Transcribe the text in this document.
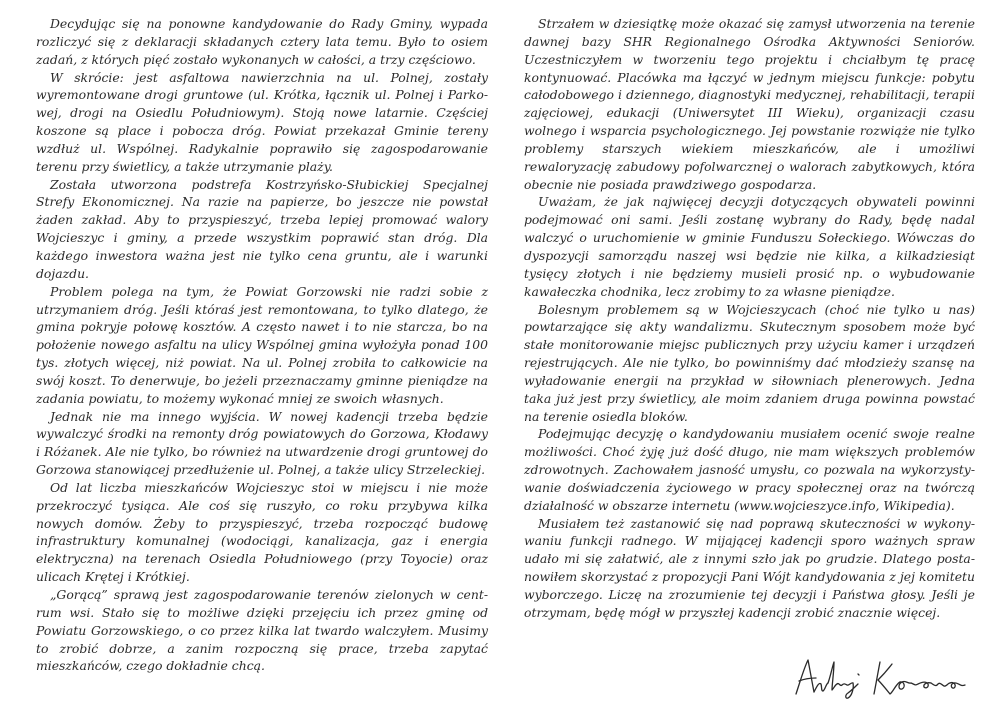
Decydując się na ponowne kandydowanie do Rady Gminy, wypada rozliczyć się z deklaracji składanych cztery lata temu. Było to osiem zadań, z których pięć zostało wykonanych w całości, a trzy częściowo.

W skrócie: jest asfaltowa nawierzchnia na ul. Polnej, zostały wyremontowane drogi gruntowe (ul. Krótka, łącznik ul. Polnej i Parkowej, drogi na Osiedlu Południowym). Stoją nowe latarnie. Częściej koszone są place i pobocza dróg. Powiat przekazał Gminie tereny wzdłuż ul. Wspólnej. Radykalnie poprawiło się zagospodarowanie terenu przy świetlicy, a także utrzymanie plaży.

Została utworzona podstrefa Kostrzyńsko-Słubickiej Specjalnej Strefy Ekonomicznej. Na razie na papierze, bo jeszcze nie powstał żaden zakład. Aby to przyspieszyć, trzeba lepiej promować walory Wojcieszyc i gminy, a przede wszystkim poprawić stan dróg. Dla każdego inwestora ważna jest nie tylko cena gruntu, ale i warunki dojazdu.

Problem polega na tym, że Powiat Gorzowski nie radzi sobie z utrzymaniem dróg. Jeśli któraś jest remontowana, to tylko dlatego, że gmina pokryje połowę kosztów. A często nawet i to nie starcza, bo na położenie nowego asfaltu na ulicy Wspólnej gmina wyłożyła ponad 100 tys. złotych więcej, niż powiat. Na ul. Polnej zrobiła to całkowicie na swój koszt. To denerwuje, bo jeżeli przeznaczamy gminne pieniądze na zadania powiatu, to możemy wykonać mniej ze swoich własnych.

Jednak nie ma innego wyjścia. W nowej kadencji trzeba będzie wywalczyć środki na remonty dróg powiatowych do Gorzowa, Kłodawy i Różanek. Ale nie tylko, bo również na utwardzenie drogi gruntowej do Gorzowa stanowiącej przedłużenie ul. Polnej, a także ulicy Strzeleckiej.

Od lat liczba mieszkańców Wojcieszyc stoi w miejscu i nie może przekroczyć tysiąca. Ale coś się ruszyło, co roku przybywa kilka nowych domów. Żeby to przyspieszyć, trzeba rozpocząć budowę infrastruktury komunalnej (wodociągi, kanalizacja, gaz i energia elektryczna) na terenach Osiedla Południowego (przy Toyocie) oraz ulicach Krętej i Krótkiej.

„Gorącą” sprawą jest zagospodarowanie terenów zielonych w centrum wsi. Stało się to możliwe dzięki przejęciu ich przez gminę od Powiatu Gorzowskiego, o co przez kilka lat twardo walczyłem. Musimy to zrobić dobrze, a zanim rozpoczną się prace, trzeba zapytać mieszkańców, czego dokładnie chcą.

Strzałem w dziesiątkę może okazać się zamysł utworzenia na terenie dawnej bazy SHR Regionalnego Ośrodka Aktywności Seniorów. Uczestniczyłem w tworzeniu tego projektu i chciałbym tę pracę kontynuować. Placówka ma łączyć w jednym miejscu funkcje: pobytu całodobowego i dziennego, diagnostyki medycznej, rehabilitacji, terapii zajęciowej, edukacji (Uniwersytet III Wieku), organizacji czasu wolnego i wsparcia psychologicznego. Jej powstanie rozwiąże nie tylko problemy starszych wiekiem mieszkańców, ale i umożliwi rewaloryzację zabudowy pofolwarcznej o walorach zabytkowych, która obecnie nie posiada prawdziwego gospodarza.

Uważam, że jak najwięcej decyzji dotyczących obywateli powinni podejmować oni sami. Jeśli zostanę wybrany do Rady, będę nadal walczyć o uruchomienie w gminie Funduszu Sołeckiego. Wówczas do dyspozycji samorządu naszej wsi będzie nie kilka, a kilkadziesiąt tysięcy złotych i nie będziemy musieli prosić np. o wybudowanie kawałeczka chodnika, lecz zrobimy to za własne pieniądze.

Bolesnym problemem są w Wojcieszycach (choć nie tylko u nas) powtarzające się akty wandalizmu. Skutecznym sposobem może być stałe monitorowanie miejsc publicznych przy użyciu kamer i urządzeń rejestrujących. Ale nie tylko, bo powinniśmy dać młodzieży szansę na wyładowanie energii na przykład w siłowniach plenerowych. Jedna taka już jest przy świetlicy, ale moim zdaniem druga powinna powstać na terenie osiedla bloków.

Podejmując decyzję o kandydowaniu musiałem ocenić swoje realne możliwości. Choć żyję już dość długo, nie mam większych problemów zdrowotnych. Zachowałem jasność umysłu, co pozwala na wykorzystywanie doświadczenia życiowego w pracy społecznej oraz na twórczą działalność w obszarze internetu (www.wojcieszyce.info, Wikipedia).

Musiałem też zastanowić się nad poprawą skuteczności w wykonywaniu funkcji radnego. W mijającej kadencji sporo ważnych spraw udało mi się załatwić, ale z innymi szło jak po grudzie. Dlatego postanowiłem skorzystać z propozycji Pani Wójt kandydowania z jej komitetu wyborczego. Liczę na zrozumienie tej decyzji i Państwa głosy. Jeśli je otrzymam, będę mógł w przyszłej kadencji zrobić znacznie więcej.
